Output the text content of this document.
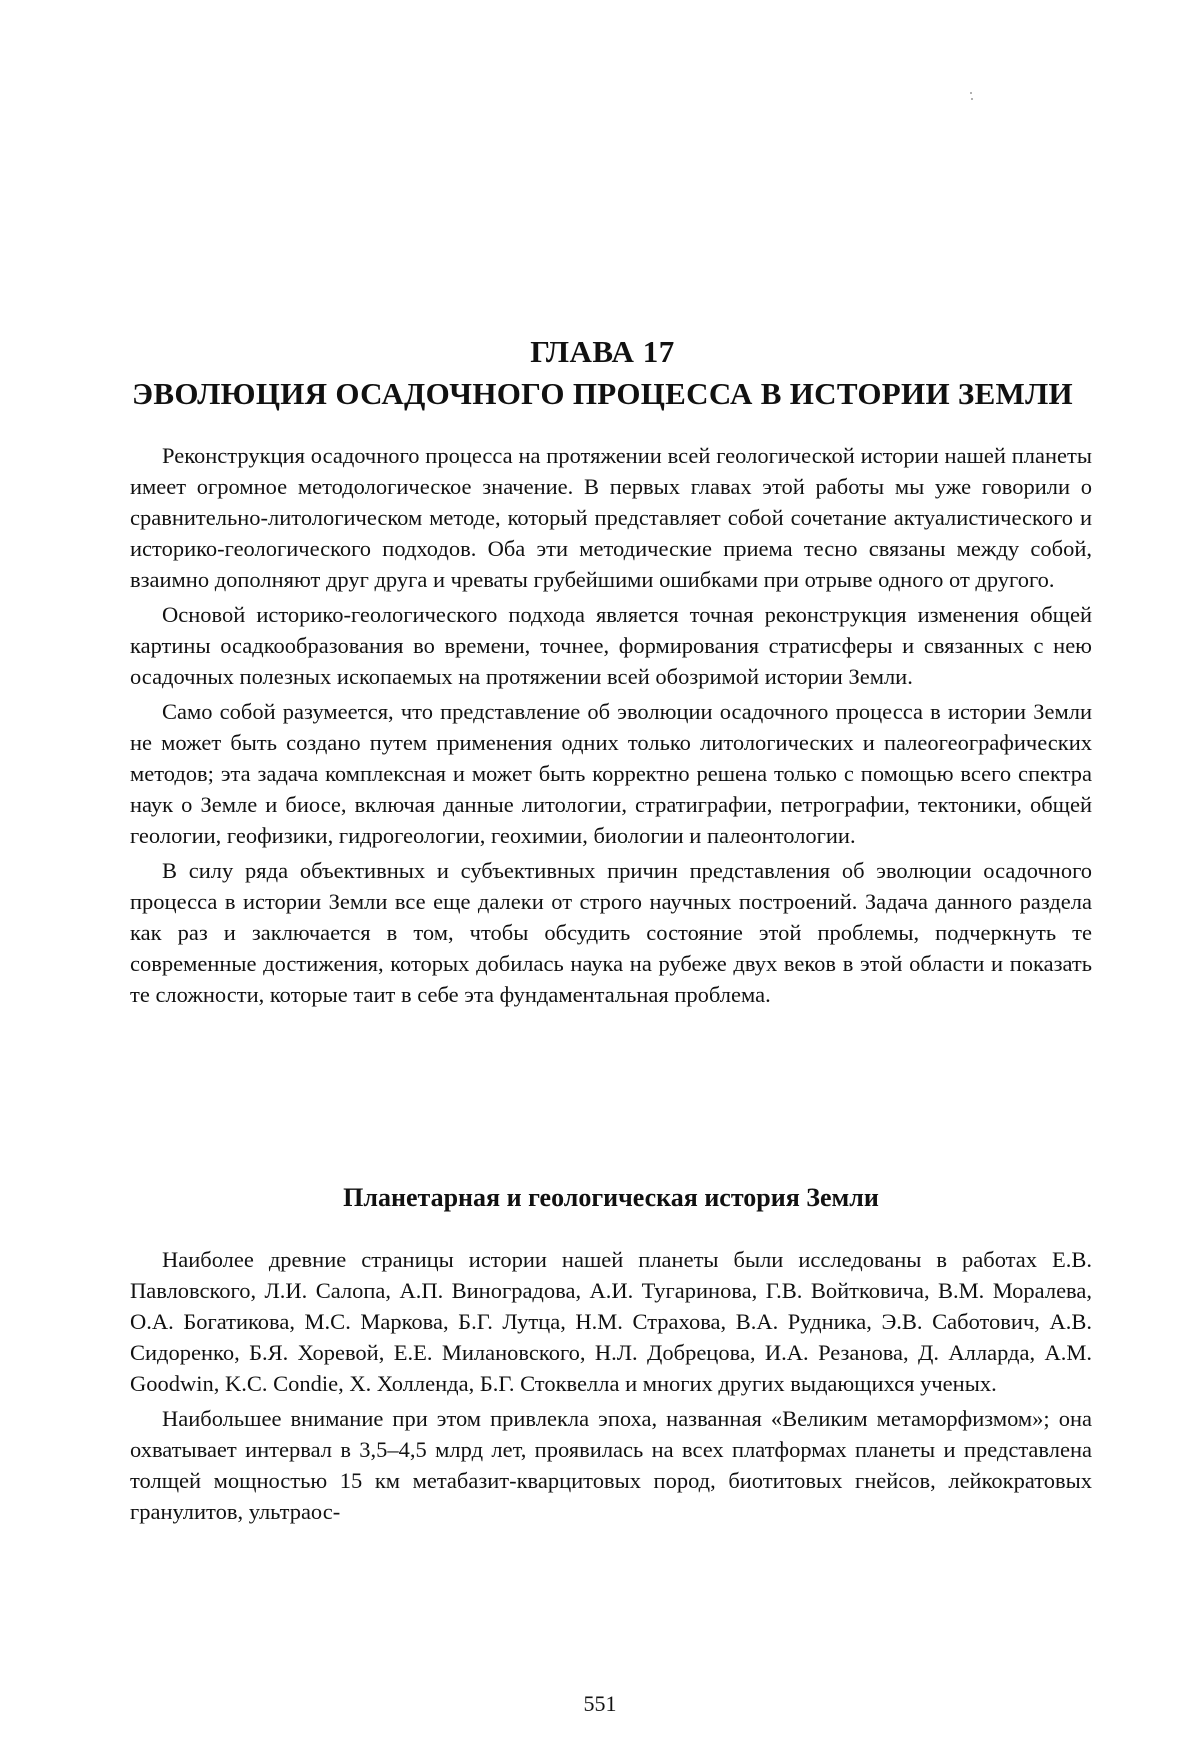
ГЛАВА 17
ЭВОЛЮЦИЯ ОСАДОЧНОГО ПРОЦЕССА В ИСТОРИИ ЗЕМЛИ

Реконструкция осадочного процесса на протяжении всей геологической истории нашей планеты имеет огромное методологическое значение. В первых главах этой работы мы уже говорили о сравнительно-литологическом методе, который представляет собой сочетание актуалистического и историко-геологического подходов. Оба эти методические приема тесно связаны между собой, взаимно дополняют друг друга и чреваты грубейшими ошибками при отрыве одного от другого.

Основой историко-геологического подхода является точная реконструкция изменения общей картины осадкообразования во времени, точнее, формирования стратисферы и связанных с нею осадочных полезных ископаемых на протяжении всей обозримой истории Земли.

Само собой разумеется, что представление об эволюции осадочного процесса в истории Земли не может быть создано путем применения одних только литологических и палеогеографических методов; эта задача комплексная и может быть корректно решена только с помощью всего спектра наук о Земле и биосе, включая данные литологии, стратиграфии, петрографии, тектоники, общей геологии, геофизики, гидрогеологии, геохимии, биологии и палеонтологии.

В силу ряда объективных и субъективных причин представления об эволюции осадочного процесса в истории Земли все еще далеки от строго научных построений. Задача данного раздела как раз и заключается в том, чтобы обсудить состояние этой проблемы, подчеркнуть те современные достижения, которых добилась наука на рубеже двух веков в этой области и показать те сложности, которые таит в себе эта фундаментальная проблема.

Планетарная и геологическая история Земли

Наиболее древние страницы истории нашей планеты были исследованы в работах Е.В. Павловского, Л.И. Салопа, А.П. Виноградова, А.И. Тугаринова, Г.В. Войтковича, В.М. Моралева, О.А. Богатикова, М.С. Маркова, Б.Г. Лутца, Н.М. Страхова, В.А. Рудника, Э.В. Саботович, А.В. Сидоренко, Б.Я. Хоревой, Е.Е. Милановского, Н.Л. Добрецова, И.А. Резанова, Д. Алларда, А.М. Goodwin, K.C. Condie, X. Холленда, Б.Г. Стоквелла и многих других выдающихся ученых.

Наибольшее внимание при этом привлекла эпоха, названная «Великим метаморфизмом»; она охватывает интервал в 3,5–4,5 млрд лет, проявилась на всех платформах планеты и представлена толщей мощностью 15 км метабазит-кварцитовых пород, биотитовых гнейсов, лейкократовых гранулитов, ультраос-

551
